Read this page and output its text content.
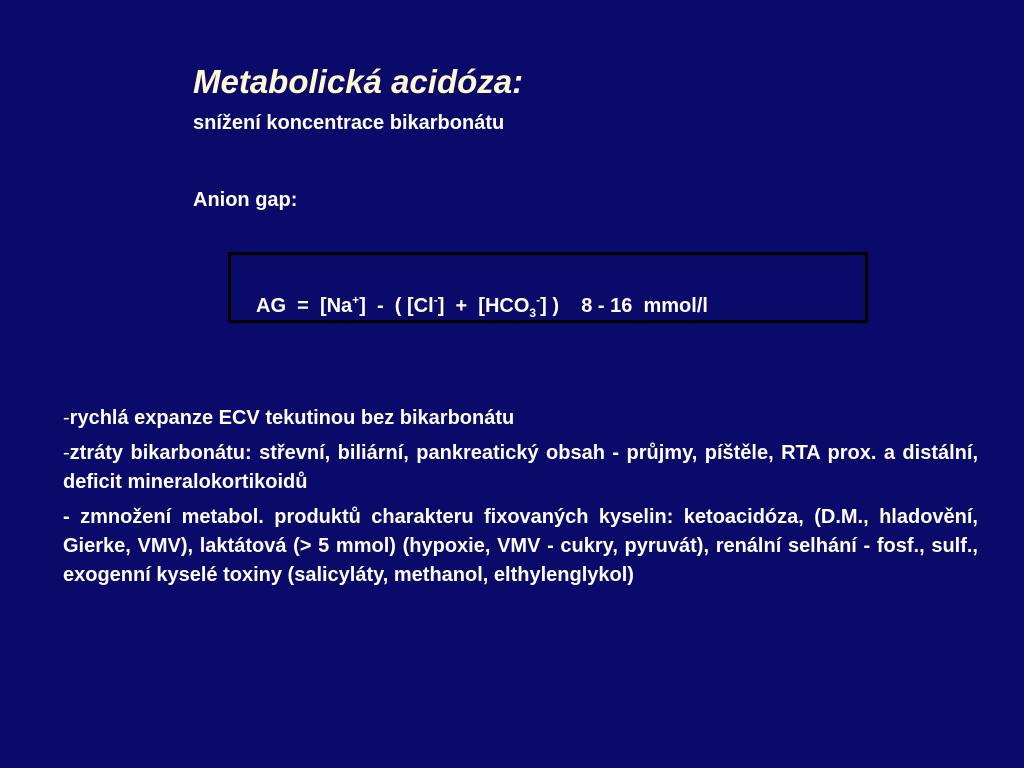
Metabolická acidóza:
snížení koncentrace bikarbonátu
Anion gap:
AG = [Na+] - ( $[Cl^-] + [HCO_3^-]$ ) 8 - 16  mmol/l
-rychlá expanze ECV tekutinou bez bikarbonátu
-ztráty bikarbonátu: střevní, biliární, pankreatický obsah - průjmy, píštěle, RTA prox. a distální, deficit mineralokortikoidů
- zmnožení metabol. produktů charakteru fixovaných kyselin: ketoacidóza, (D.M., hladovění, Gierke, VMV), laktátová (> 5 mmol) (hypoxie, VMV - cukry, pyruvát), renální selhání - fosf., sulf., exogenní kyselé toxiny (salicyláty, methanol, elthylenglykol)
